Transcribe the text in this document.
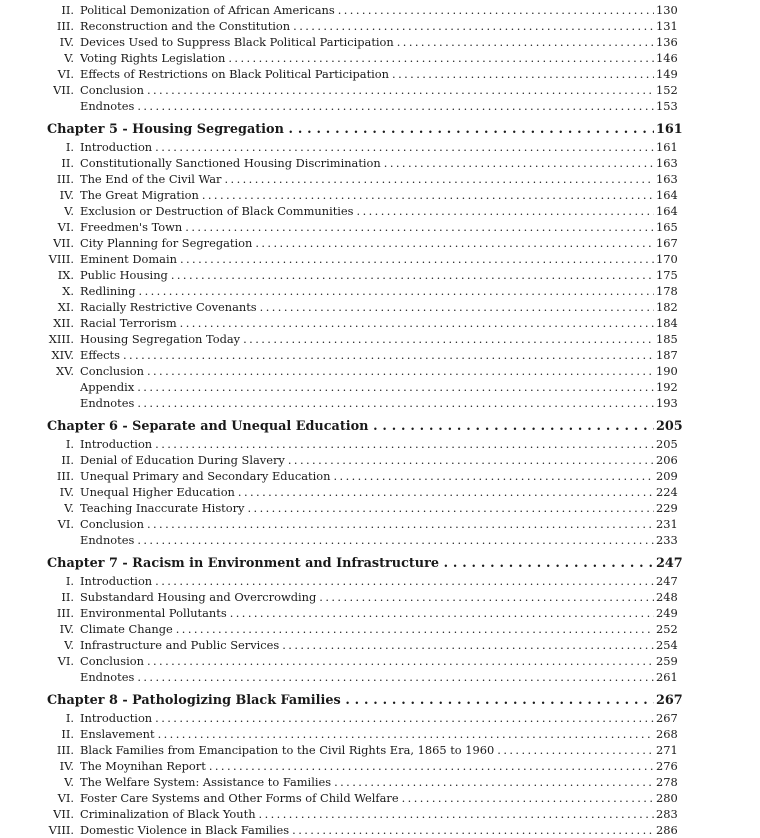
II. Political Demonization of African Americans . . .	130
III. Reconstruction and the Constitution . . .	131
IV. Devices Used to Suppress Black Political Participation . . .	136
V. Voting Rights Legislation . . .	146
VI. Effects of Restrictions on Black Political Participation . . .	149
VII. Conclusion . . .	152
Endnotes . . .	153
Chapter 5 - Housing Segregation . . .	161
I. Introduction . . .	161
II. Constitutionally Sanctioned Housing Discrimination . . .	163
III. The End of the Civil War . . .	163
IV. The Great Migration . . .	164
V. Exclusion or Destruction of Black Communities . . .	164
VI. Freedmen's Town . . .	165
VII. City Planning for Segregation . . .	167
VIII. Eminent Domain . . .	170
IX. Public Housing . . .	175
X. Redlining . . .	178
XI. Racially Restrictive Covenants . . .	182
XII. Racial Terrorism . . .	184
XIII. Housing Segregation Today . . .	185
XIV. Effects . . .	187
XV. Conclusion . . .	190
Appendix . . .	192
Endnotes . . .	193
Chapter 6 - Separate and Unequal Education . . .	205
I. Introduction . . .	205
II. Denial of Education During Slavery . . .	206
III. Unequal Primary and Secondary Education . . .	209
IV. Unequal Higher Education . . .	224
V. Teaching Inaccurate History . . .	229
VI. Conclusion . . .	231
Endnotes . . .	233
Chapter 7 - Racism in Environment and Infrastructure . . .	247
I. Introduction . . .	247
II. Substandard Housing and Overcrowding . . .	248
III. Environmental Pollutants . . .	249
IV. Climate Change . . .	252
V. Infrastructure and Public Services . . .	254
VI. Conclusion . . .	259
Endnotes . . .	261
Chapter 8 - Pathologizing Black Families . . .	267
I. Introduction . . .	267
II. Enslavement . . .	268
III. Black Families from Emancipation to the Civil Rights Era, 1865 to 1960 . . .	271
IV. The Moynihan Report . . .	276
V. The Welfare System: Assistance to Families . . .	278
VI. Foster Care Systems and Other Forms of Child Welfare . . .	280
VII. Criminalization of Black Youth . . .	283
VIII. Domestic Violence in Black Families . . .	286
